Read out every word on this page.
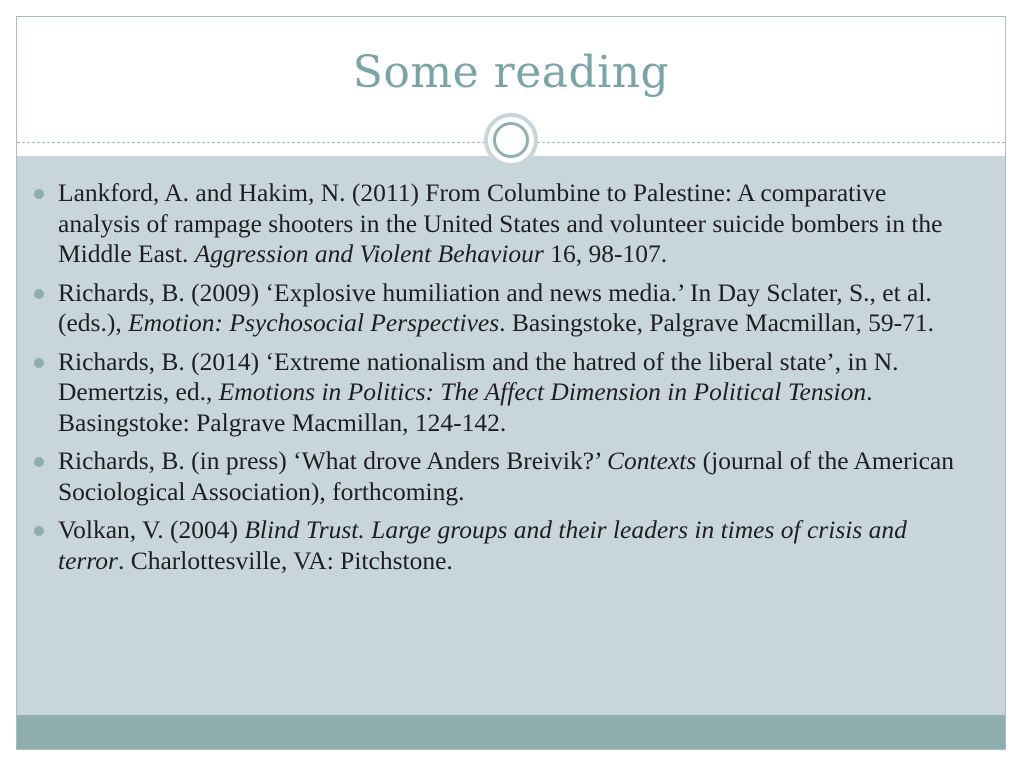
Some reading
Lankford, A. and Hakim, N. (2011) From Columbine to Palestine: A comparative analysis of rampage shooters in the United States and volunteer suicide bombers in the Middle East. Aggression and Violent Behaviour 16, 98-107.
Richards, B. (2009) ‘Explosive humiliation and news media.’ In Day Sclater, S., et al. (eds.), Emotion: Psychosocial Perspectives. Basingstoke, Palgrave Macmillan, 59-71.
Richards, B. (2014) ‘Extreme nationalism and the hatred of the liberal state’, in N. Demertzis, ed., Emotions in Politics: The Affect Dimension in Political Tension. Basingstoke: Palgrave Macmillan, 124-142.
Richards, B. (in press) ‘What drove Anders Breivik?’ Contexts (journal of the American Sociological Association), forthcoming.
Volkan, V. (2004) Blind Trust. Large groups and their leaders in times of crisis and terror. Charlottesville, VA: Pitchstone.
